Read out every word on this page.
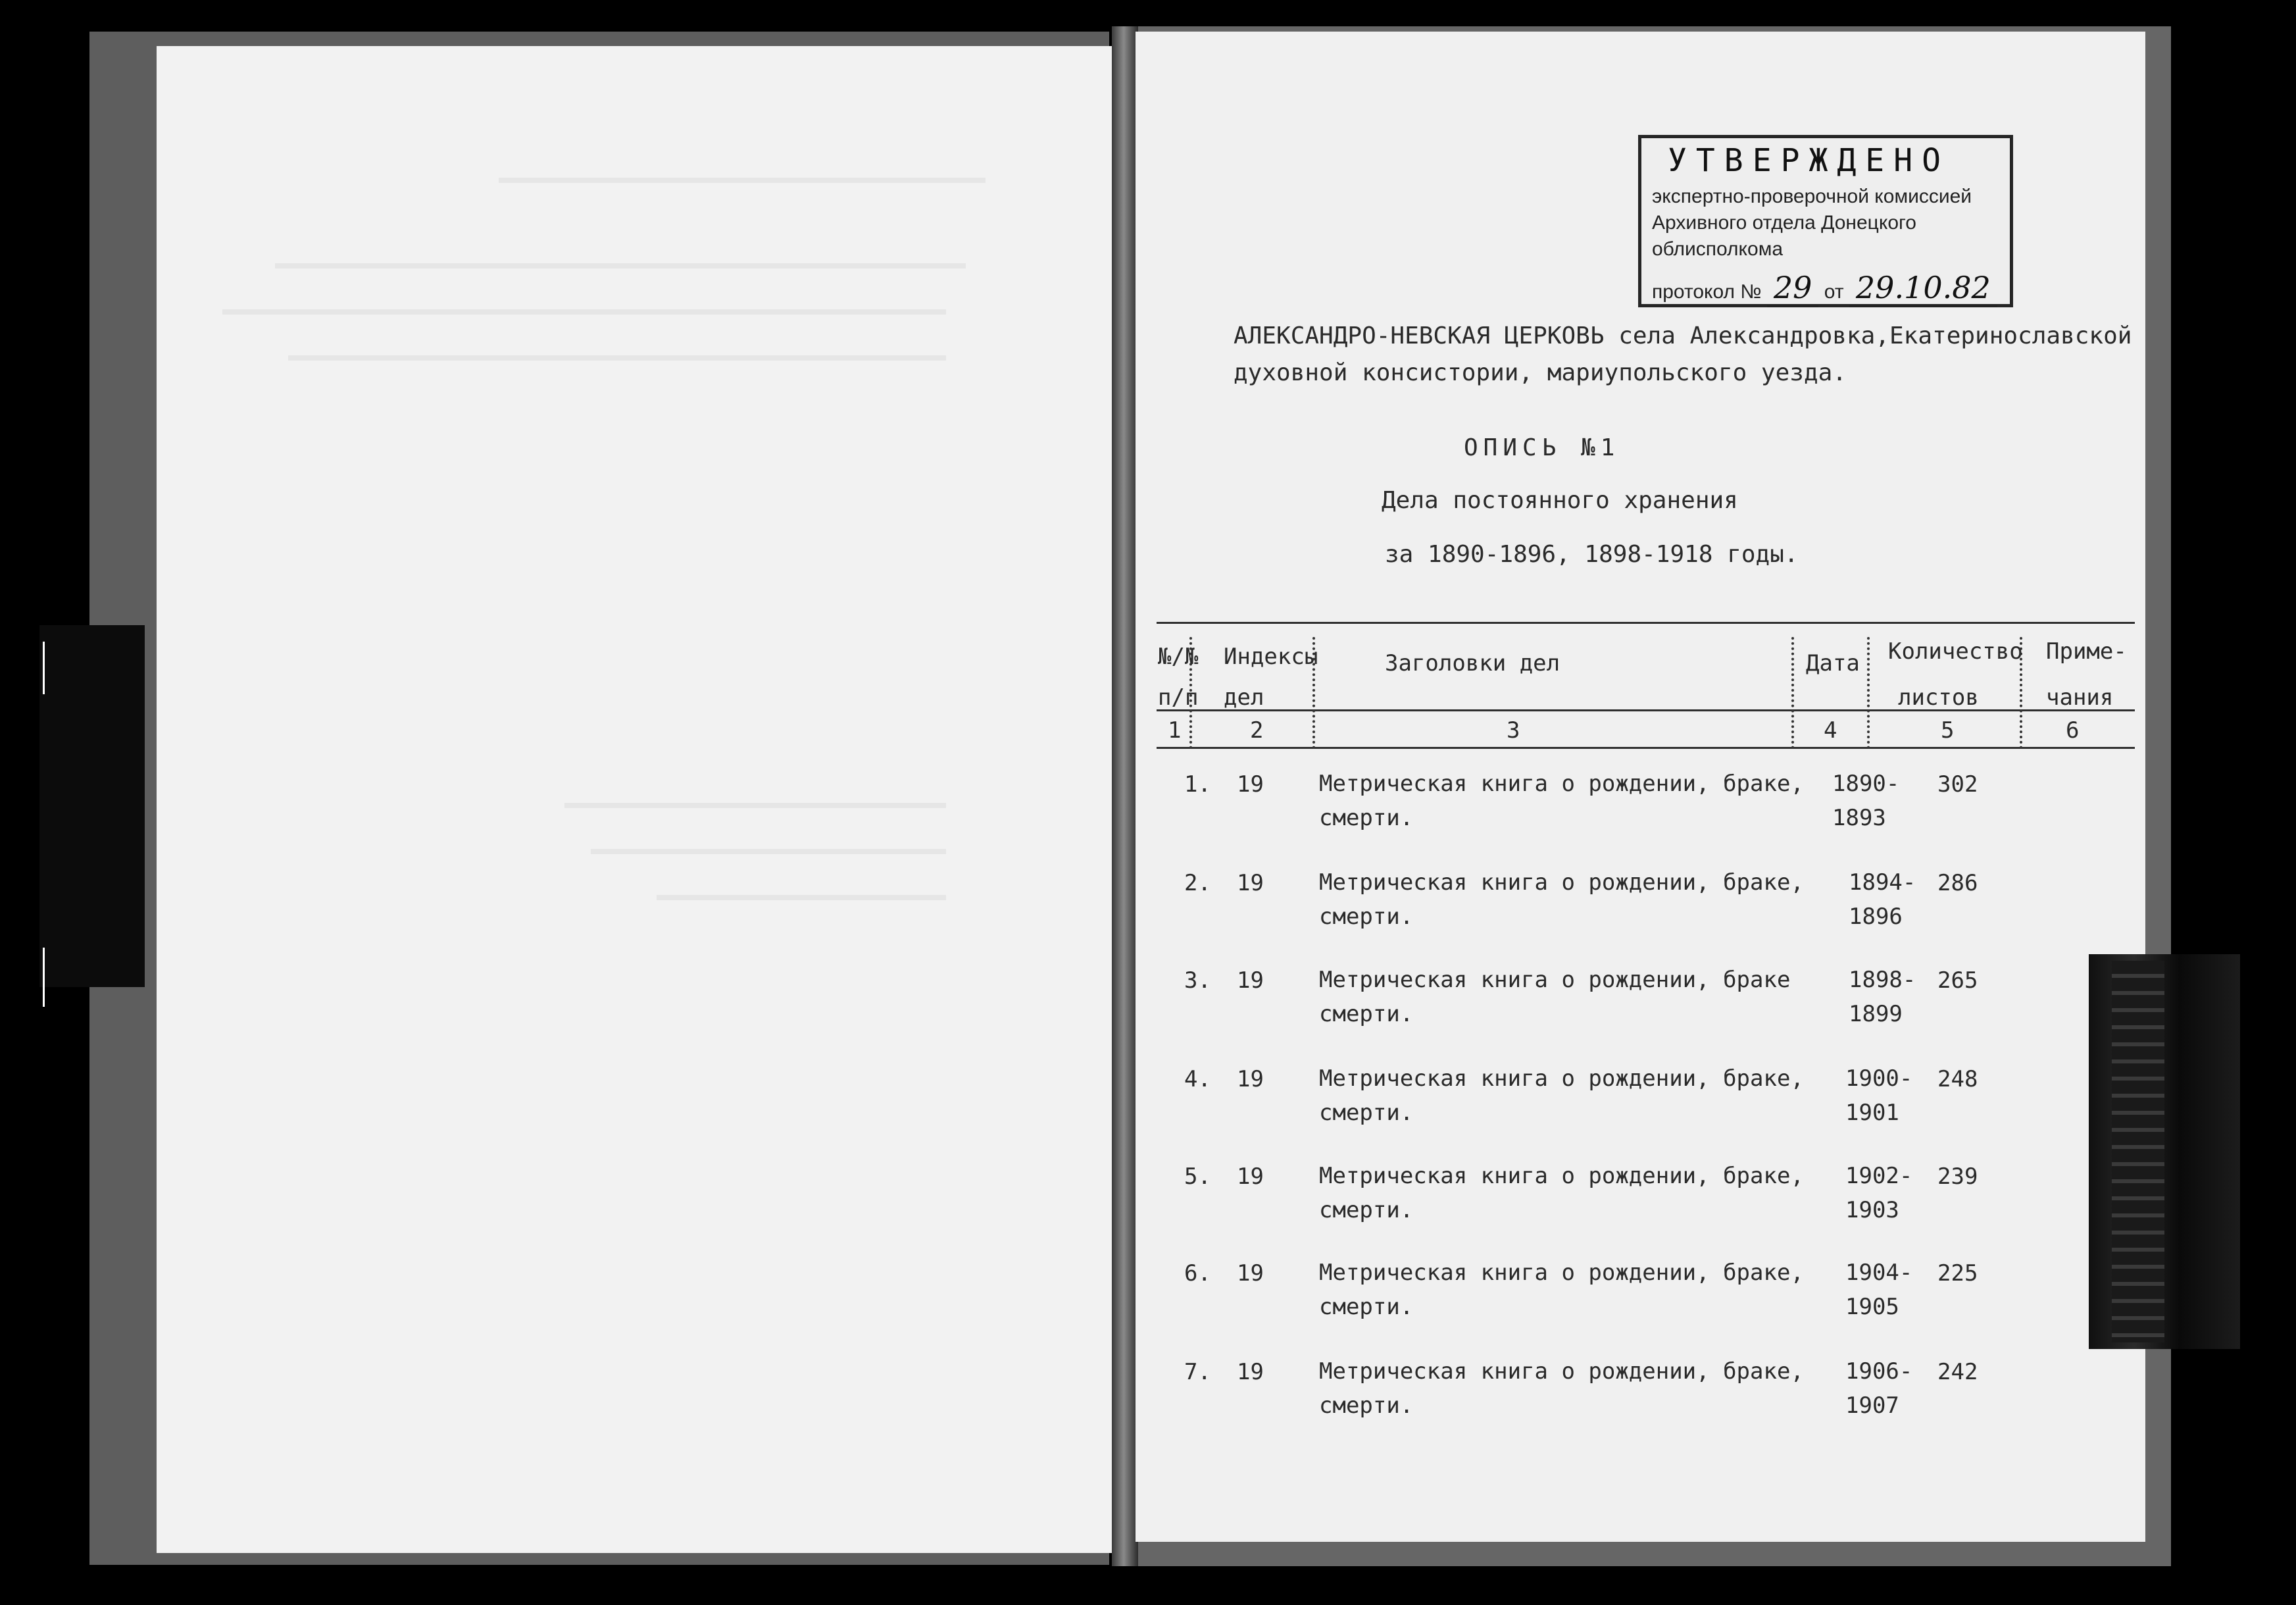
УТВЕРЖДЕНО
экспертно-проверочной комиссией
Архивного отдела Донецкого
облисполкома
протокол № 29 от 29.10.82
АЛЕКСАНДРО-НЕВСКАЯ ЦЕРКОВЬ села Александровка,Екатеринославской
духовной консистории, мариупольского уезда.
ОПИСЬ №1
Дела постоянного хранения
за 1890-1896, 1898-1918 годы.
№/№
п/п
1
Индексы
дел
2
Заголовки дел
3
Дата
4
Количество
листов
5
Приме-
чания
6
1. 19 Метрическая книга о рождении, браке,
смерти.
1890-
1893
302
2. 19 Метрическая книга о рождении, браке,
смерти.
1894-
1896
286
3. 19 Метрическая книга о рождении, браке
смерти.
1898-
1899
265
4. 19 Метрическая книга о рождении, браке,
смерти.
1900-
1901
248
5. 19 Метрическая книга о рождении, браке,
смерти.
1902-
1903
239
6. 19 Метрическая книга о рождении, браке,
смерти.
1904-
1905
225
7. 19 Метрическая книга о рождении, браке,
смерти.
1906-
1907
242
